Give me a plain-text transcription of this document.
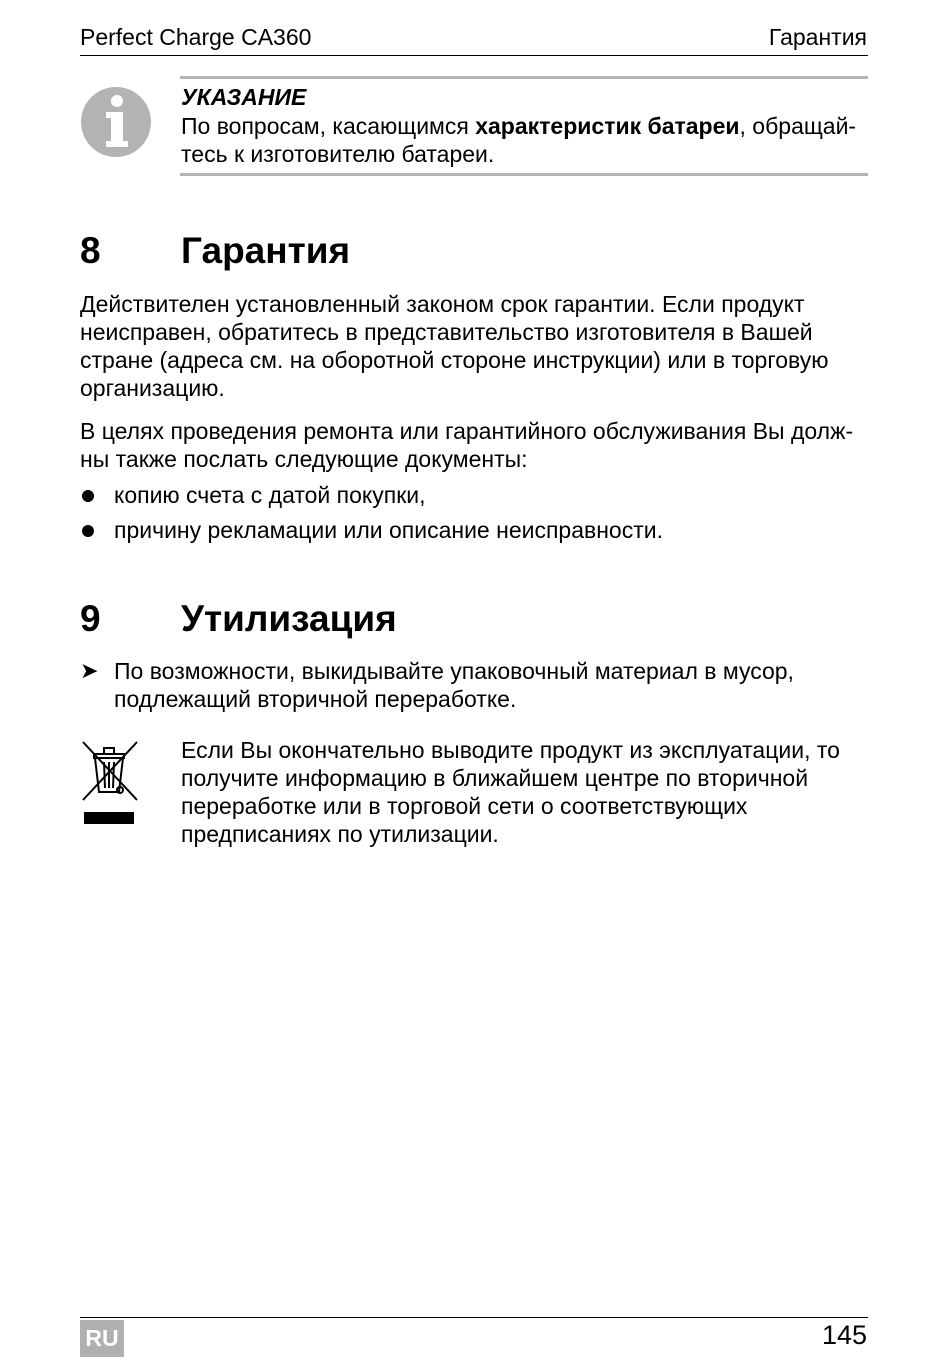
Perfect Charge CA360	Гарантия
УКАЗАНИЕ
По вопросам, касающимся характеристик батареи, обращай-тесь к изготовителю батареи.
8 Гарантия
Действителен установленный законом срок гарантии. Если продукт неисправен, обратитесь в представительство изготовителя в Вашей стране (адреса см. на оборотной стороне инструкции) или в торговую организацию.
В целях проведения ремонта или гарантийного обслуживания Вы долж-ны также послать следующие документы:
копию счета с датой покупки,
причину рекламации или описание неисправности.
9 Утилизация
➤ По возможности, выкидывайте упаковочный материал в мусор, подлежащий вторичной переработке.
Если Вы окончательно выводите продукт из эксплуатации, то получите информацию в ближайшем центре по вторичной переработке или в торговой сети о соответствующих предписаниях по утилизации.
RU	145
